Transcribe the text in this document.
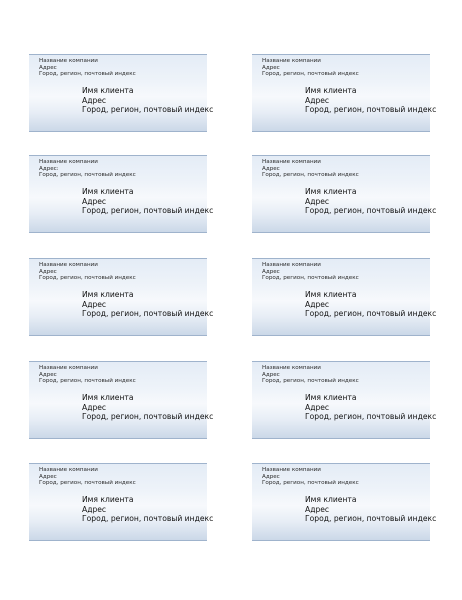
Название компании
Адрес
Город, регион, почтовый индекс
Имя клиента
Адрес
Город, регион, почтовый индекс
Название компании
Адрес
Город, регион, почтовый индекс
Имя клиента
Адрес
Город, регион, почтовый индекс
Название компании
Адрес:
Город, регион, почтовый индекс
Имя клиента
Адрес
Город, регион, почтовый индекс
Название компании
Адрес
Город, регион, почтовый индекс
Имя клиента
Адрес
Город, регион, почтовый индекс
Название компании
Адрес
Город, регион, почтовый индекс
Имя клиента
Адрес
Город, регион, почтовый индекс
Название компании
Адрес
Город, регион, почтовый индекс
Имя клиента
Адрес
Город, регион, почтовый индекс
Название компании
Адрес
Город, регион, почтовый индекс
Имя клиента
Адрес
Город, регион, почтовый индекс
Название компании
Адрес
Город, регион, почтовый индекс
Имя клиента
Адрес
Город, регион, почтовый индекс
Название компании
Адрес
Город, регион, почтовый индекс
Имя клиента
Адрес
Город, регион, почтовый индекс
Название компании
Адрес
Город, регион, почтовый индекс
Имя клиента
Адрес
Город, регион, почтовый индекс
